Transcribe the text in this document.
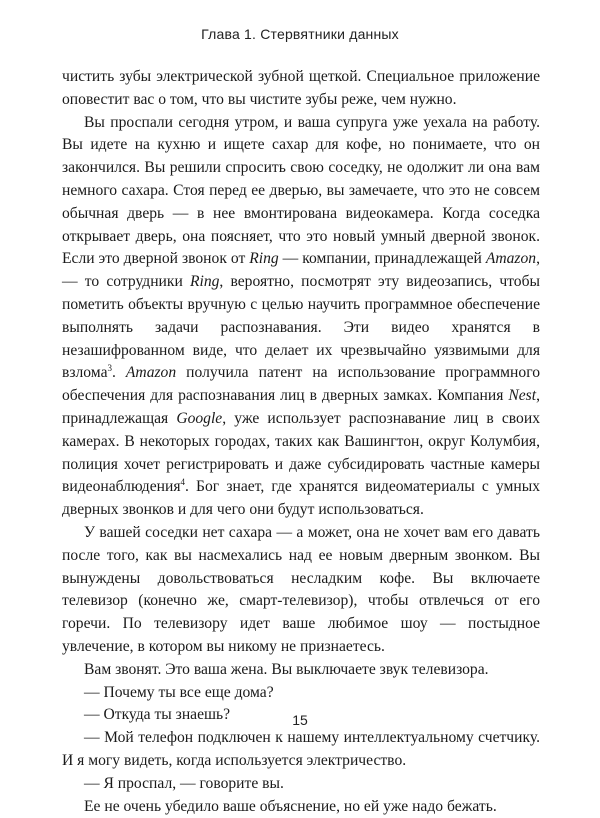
Глава 1. Стервятники данных

чистить зубы электрической зубной щеткой. Специальное приложение оповестит вас о том, что вы чистите зубы реже, чем нужно.

Вы проспали сегодня утром, и ваша супруга уже уехала на работу. Вы идете на кухню и ищете сахар для кофе, но понимаете, что он закончился. Вы решили спросить свою соседку, не одолжит ли она вам немного сахара. Стоя перед ее дверью, вы замечаете, что это не совсем обычная дверь — в нее вмонтирована видеокамера. Когда соседка открывает дверь, она поясняет, что это новый умный дверной звонок. Если это дверной звонок от Ring — компании, принадлежащей Amazon, — то сотрудники Ring, вероятно, посмотрят эту видеозапись, чтобы пометить объекты вручную с целью научить программное обеспечение выполнять задачи распознавания. Эти видео хранятся в незашифрованном виде, что делает их чрезвычайно уязвимыми для взлома$^3$. Amazon получила патент на использование программного обеспечения для распознавания лиц в дверных замках. Компания Nest, принадлежащая Google, уже использует распознавание лиц в своих камерах. В некоторых городах, таких как Вашингтон, округ Колумбия, полиция хочет регистрировать и даже субсидировать частные камеры видеонаблюдения$^4$. Бог знает, где хранятся видеоматериалы с умных дверных звонков и для чего они будут использоваться.

У вашей соседки нет сахара — а может, она не хочет вам его давать после того, как вы насмехались над ее новым дверным звонком. Вы вынуждены довольствоваться несладким кофе. Вы включаете телевизор (конечно же, смарт-телевизор), чтобы отвлечься от его горечи. По телевизору идет ваше любимое шоу — постыдное увлечение, в котором вы никому не признаетесь.

Вам звонят. Это ваша жена. Вы выключаете звук телевизора.

— Почему ты все еще дома?

— Откуда ты знаешь?

— Мой телефон подключен к нашему интеллектуальному счетчику. И я могу видеть, когда используется электричество.

— Я проспал, — говорите вы.

Ее не очень убедило ваше объяснение, но ей уже надо бежать.

15
